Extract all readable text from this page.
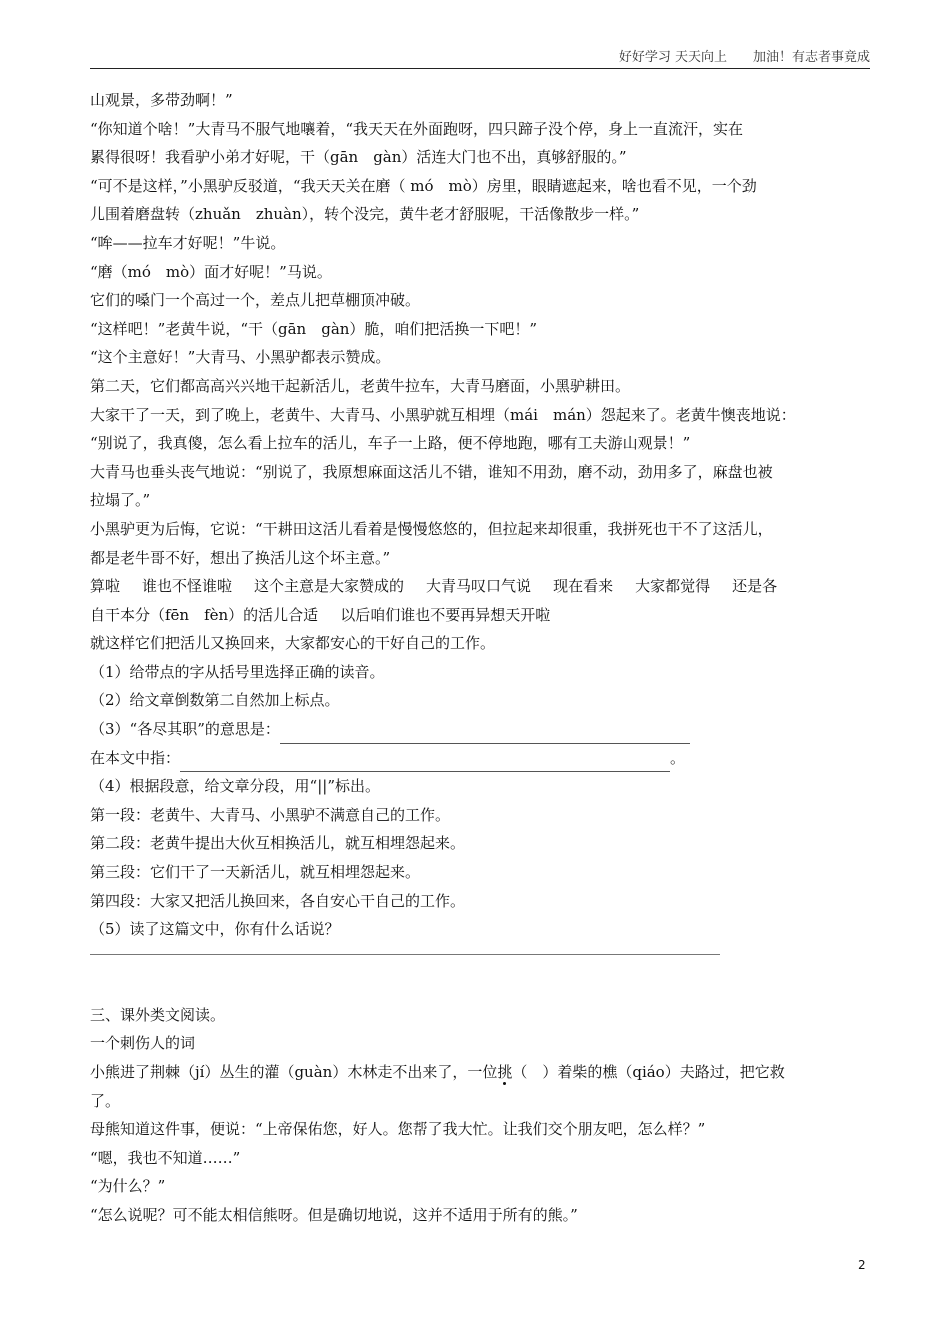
好好学习 天天向上 加油！有志者事竟成
山观景，多带劲啊！”
“你知道个啥！”大青马不服气地嚷着，“我天天在外面跑呀，四只蹄子没个停，身上一直流汗，实在
累得很呀！我看驴小弟才好呢，干（gān　gàn）活连大门也不出，真够舒服的。”
“可不是这样，”小黑驴反驳道，“我天天关在磨（ mó　mò）房里，眼睛遮起来，啥也看不见，一个劲
儿围着磨盘转（zhuǎn　zhuàn），转个没完，黄牛老才舒服呢，干活像散步一样。”
“哞——拉车才好呢！”牛说。
“磨（mó　mò）面才好呢！”马说。
它们的嗓门一个高过一个，差点儿把草棚顶冲破。
“这样吧！”老黄牛说，“干（gān　gàn）脆，咱们把活换一下吧！”
“这个主意好！”大青马、小黑驴都表示赞成。
第二天，它们都高高兴兴地干起新活儿，老黄牛拉车，大青马磨面，小黑驴耕田。
大家干了一天，到了晚上，老黄牛、大青马、小黑驴就互相埋（mái　mán）怨起来了。老黄牛懊丧地说：
“别说了，我真傻，怎么看上拉车的活儿，车子一上路，便不停地跑，哪有工夫游山观景！”
大青马也垂头丧气地说：“别说了，我原想麻面这活儿不错，谁知不用劲，磨不动，劲用多了，麻盘也被
拉塌了。”
小黑驴更为后悔，它说：“干耕田这活儿看着是慢慢悠悠的，但拉起来却很重，我拼死也干不了这活儿，
都是老牛哥不好，想出了换活儿这个坏主意。”
算啦 谁也不怪谁啦 这个主意是大家赞成的 大青马叹口气说 现在看来 大家都觉得 还是各
自干本分（fēn　fèn）的活儿合适 以后咱们谁也不要再异想天开啦
就这样它们把活儿又换回来，大家都安心的干好自己的工作。
（1）给带点的字从括号里选择正确的读音。
（2）给文章倒数第二自然加上标点。
（3）“各尽其职”的意思是：
在本文中指：	。
（4）根据段意，给文章分段，用“||”标出。
第一段：老黄牛、大青马、小黑驴不满意自己的工作。
第二段：老黄牛提出大伙互相换活儿，就互相埋怨起来。
第三段：它们干了一天新活儿，就互相埋怨起来。
第四段：大家又把活儿换回来，各自安心干自己的工作。
（5）读了这篇文中，你有什么话说？
三、课外类文阅读。
一个刺伤人的词
小熊进了荆棘（jí）丛生的灌（guàn）木林走不出来了，一位挑（　）着柴的樵（qiáo）夫路过，把它救
了。
母熊知道这件事，便说：“上帝保佑您，好人。您帮了我大忙。让我们交个朋友吧，怎么样？”
“嗯，我也不知道……”
“为什么？”
“怎么说呢？可不能太相信熊呀。但是确切地说，这并不适用于所有的熊。”
2
